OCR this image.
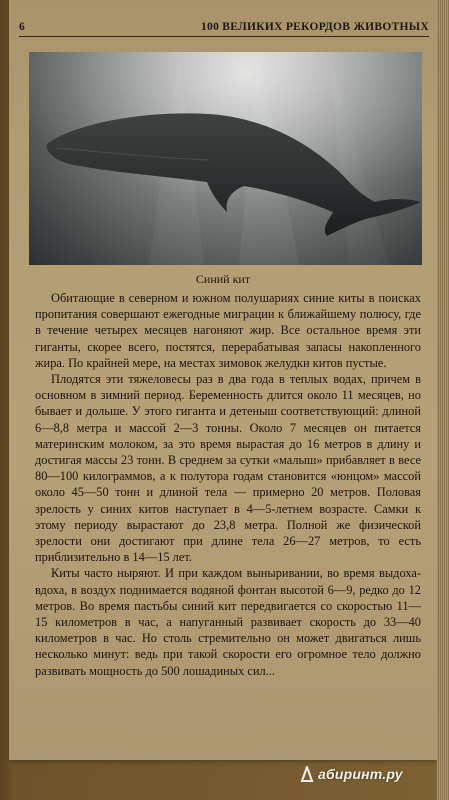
6	100 ВЕЛИКИХ РЕКОРДОВ ЖИВОТНЫХ
Синий кит

Обитающие в северном и южном полушариях синие киты в поисках пропитания совершают ежегодные миграции к ближайшему полюсу, где в течение четырех месяцев нагоняют жир. Все остальное время эти гиганты, скорее всего, постятся, перерабатывая запасы накопленного жира. По крайней мере, на местах зимовок желудки китов пустые.

Плодятся эти тяжеловесы раз в два года в теплых водах, причем в основном в зимний период. Беременность длится около 11 месяцев, но бывает и дольше. У этого гиганта и детеныш соответствующий: длиной 6—8,8 метра и массой 2—3 тонны. Около 7 месяцев он питается материнским молоком, за это время вырастая до 16 метров в длину и достигая массы 23 тонн. В среднем за сутки «малыш» прибавляет в весе 80—100 килограммов, а к полутора годам становится «юнцом» массой около 45—50 тонн и длиной тела — примерно 20 метров. Половая зрелость у синих китов наступает в 4—5-летнем возрасте. Самки к этому периоду вырастают до 23,8 метра. Полной же физической зрелости они достигают при длине тела 26—27 метров, то есть приблизительно в 14—15 лет.

Киты часто ныряют. И при каждом выныривании, во время выдоха-вдоха, в воздух поднимается водяной фонтан высотой 6—9, редко до 12 метров. Во время пастьбы синий кит передвигается со скоростью 11—15 километров в час, а напуганный развивает скорость до 33—40 километров в час. Но столь стремительно он может двигаться лишь несколько минут: ведь при такой скорости его огромное тело должно развивать мощность до 500 лошадиных сил...

абиринт.ру
